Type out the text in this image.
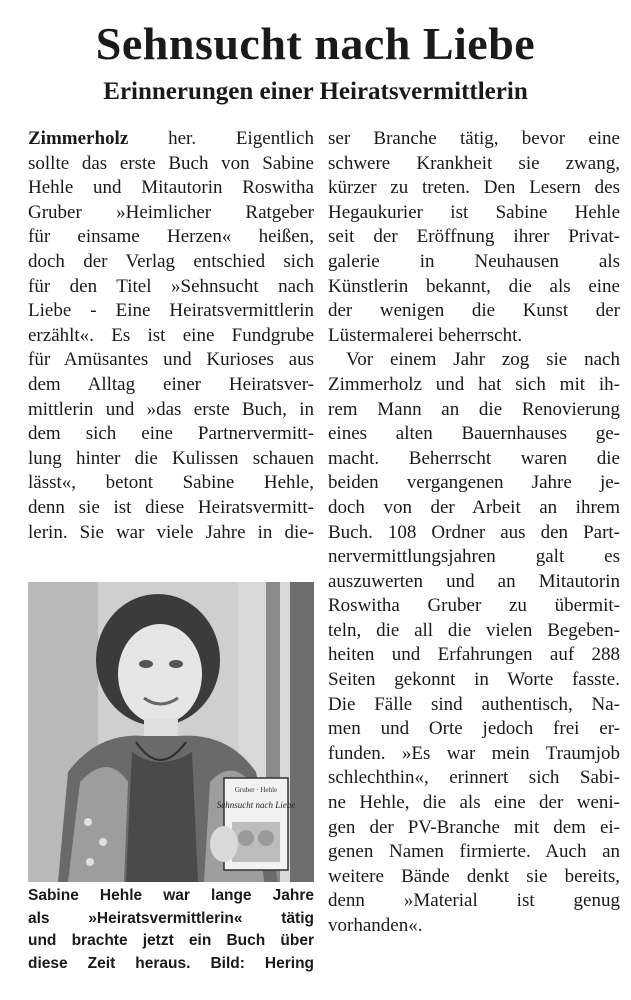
Sehnsucht nach Liebe
Erinnerungen einer Heiratsvermittlerin
Zimmerholz her. Eigentlich
sollte das erste Buch von Sabine
Hehle und Mitautorin Roswitha
Gruber »Heimlicher Ratgeber
für einsame Herzen« heißen,
doch der Verlag entschied sich
für den Titel »Sehnsucht nach
Liebe - Eine Heiratsvermittlerin
erzählt«. Es ist eine Fundgrube
für Amüsantes und Kurioses aus
dem Alltag einer Heiratsver-
mittlerin und »das erste Buch, in
dem sich eine Partnervermitt-
lung hinter die Kulissen schauen
lässt«, betont Sabine Hehle,
denn sie ist diese Heiratsvermitt-
lerin. Sie war viele Jahre in die-
Gruber · Hehle
Sehnsucht nach Liebe
Sabine Hehle war lange Jahre
als »Heiratsvermittlerin« tätig
und brachte jetzt ein Buch über
diese Zeit heraus. Bild: Hering
ser Branche tätig, bevor eine
schwere Krankheit sie zwang,
kürzer zu treten. Den Lesern des
Hegaukurier ist Sabine Hehle
seit der Eröffnung ihrer Privat-
galerie in Neuhausen als
Künstlerin bekannt, die als eine
der wenigen die Kunst der
Lüstermalerei beherrscht.
Vor einem Jahr zog sie nach
Zimmerholz und hat sich mit ih-
rem Mann an die Renovierung
eines alten Bauernhauses ge-
macht. Beherrscht waren die
beiden vergangenen Jahre je-
doch von der Arbeit an ihrem
Buch. 108 Ordner aus den Part-
nervermittlungsjahren galt es
auszuwerten und an Mitautorin
Roswitha Gruber zu übermit-
teln, die all die vielen Begeben-
heiten und Erfahrungen auf 288
Seiten gekonnt in Worte fasste.
Die Fälle sind authentisch, Na-
men und Orte jedoch frei er-
funden. »Es war mein Traumjob
schlechthin«, erinnert sich Sabi-
ne Hehle, die als eine der weni-
gen der PV-Branche mit dem ei-
genen Namen firmierte. Auch an
weitere Bände denkt sie bereits,
denn »Material ist genug
vorhanden«.
